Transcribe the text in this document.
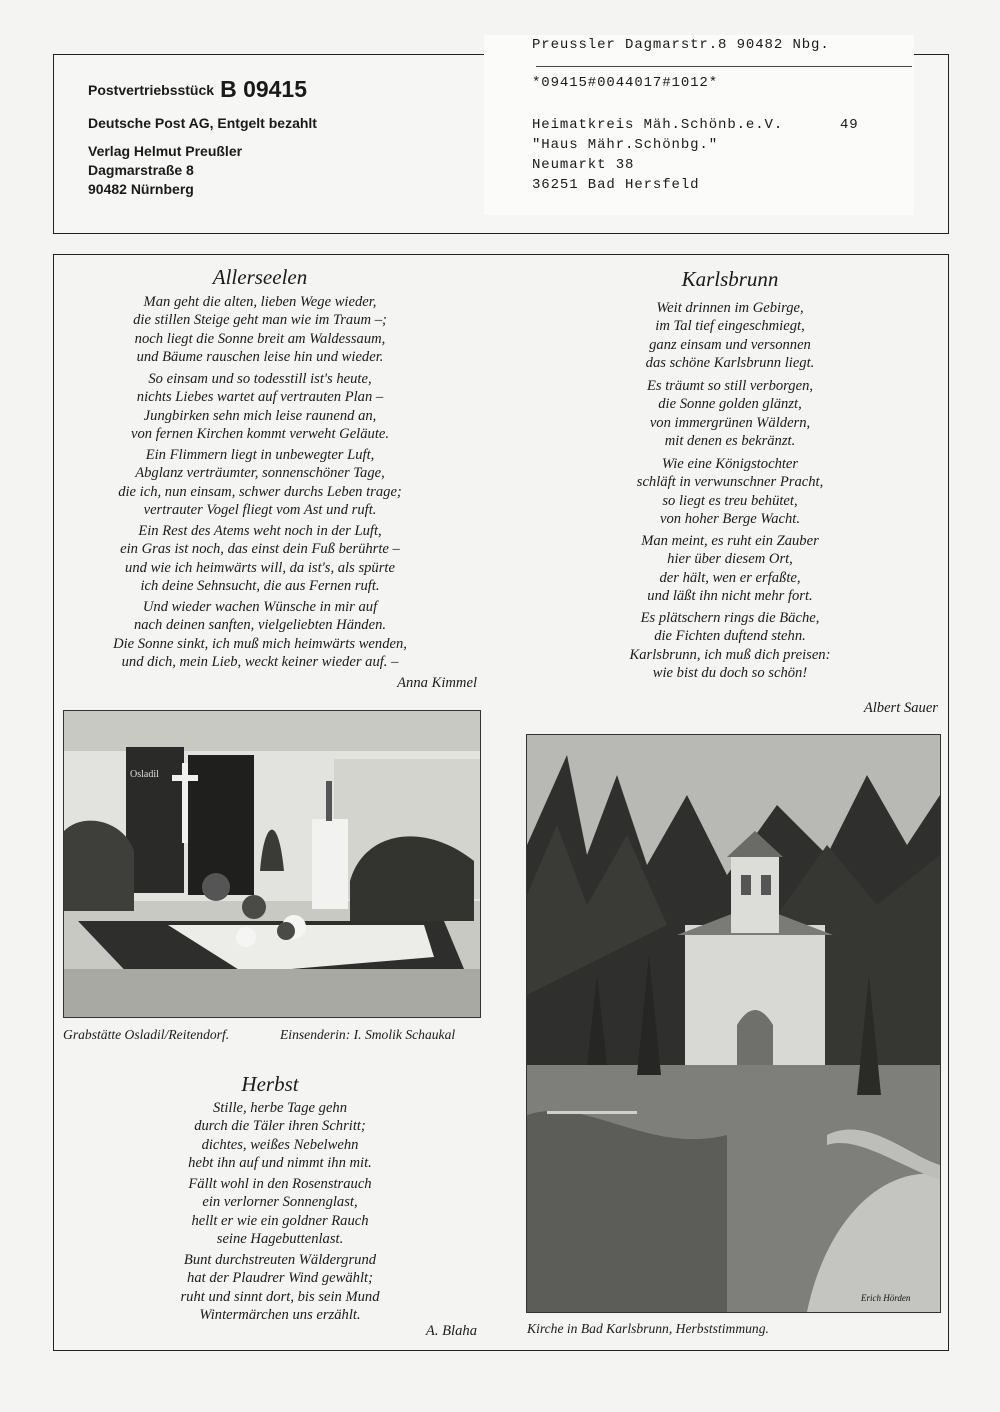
Postvertriebsstück B 09415
Deutsche Post AG, Entgelt bezahlt
Verlag Helmut Preußler
Dagmarstraße 8
90482 Nürnberg
Preussler Dagmarstr.8 90482 Nbg.
*09415#0044017#1012*
Heimatkreis Mäh.Schönb.e.V.	49
"Haus Mähr.Schönbg."
Neumarkt 38
36251 Bad Hersfeld
Allerseelen
Man geht die alten, lieben Wege wieder,
die stillen Steige geht man wie im Traum –;
noch liegt die Sonne breit am Waldessaum,
und Bäume rauschen leise hin und wieder.
So einsam und so todesstill ist's heute,
nichts Liebes wartet auf vertrauten Plan –
Jungbirken sehn mich leise raunend an,
von fernen Kirchen kommt verweht Geläute.
Ein Flimmern liegt in unbewegter Luft,
Abglanz verträumter, sonnenschöner Tage,
die ich, nun einsam, schwer durchs Leben trage;
vertrauter Vogel fliegt vom Ast und ruft.
Ein Rest des Atems weht noch in der Luft,
ein Gras ist noch, das einst dein Fuß berührte –
und wie ich heimwärts will, da ist's, als spürte
ich deine Sehnsucht, die aus Fernen ruft.
Und wieder wachen Wünsche in mir auf
nach deinen sanften, vielgeliebten Händen.
Die Sonne sinkt, ich muß mich heimwärts wenden,
und dich, mein Lieb, weckt keiner wieder auf. –
Anna Kimmel
Karlsbrunn
Weit drinnen im Gebirge,
im Tal tief eingeschmiegt,
ganz einsam und versonnen
das schöne Karlsbrunn liegt.
Es träumt so still verborgen,
die Sonne golden glänzt,
von immergrünen Wäldern,
mit denen es bekränzt.
Wie eine Königstochter
schläft in verwunschner Pracht,
so liegt es treu behütet,
von hoher Berge Wacht.
Man meint, es ruht ein Zauber
hier über diesem Ort,
der hält, wen er erfaßte,
und läßt ihn nicht mehr fort.
Es plätschern rings die Bäche,
die Fichten duftend stehn.
Karlsbrunn, ich muß dich preisen:
wie bist du doch so schön!
Albert Sauer
Osladil
Grabstätte Osladil/Reitendorf.	Einsenderin: I. Smolik Schaukal
Herbst
Stille, herbe Tage gehn
durch die Täler ihren Schritt;
dichtes, weißes Nebelwehn
hebt ihn auf und nimmt ihn mit.
Fällt wohl in den Rosenstrauch
ein verlorner Sonnenglast,
hellt er wie ein goldner Rauch
seine Hagebuttenlast.
Bunt durchstreuten Wäldergrund
hat der Plaudrer Wind gewählt;
ruht und sinnt dort, bis sein Mund
Wintermärchen uns erzählt.
A. Blaha
Erich Hörden
Kirche in Bad Karlsbrunn, Herbststimmung.
